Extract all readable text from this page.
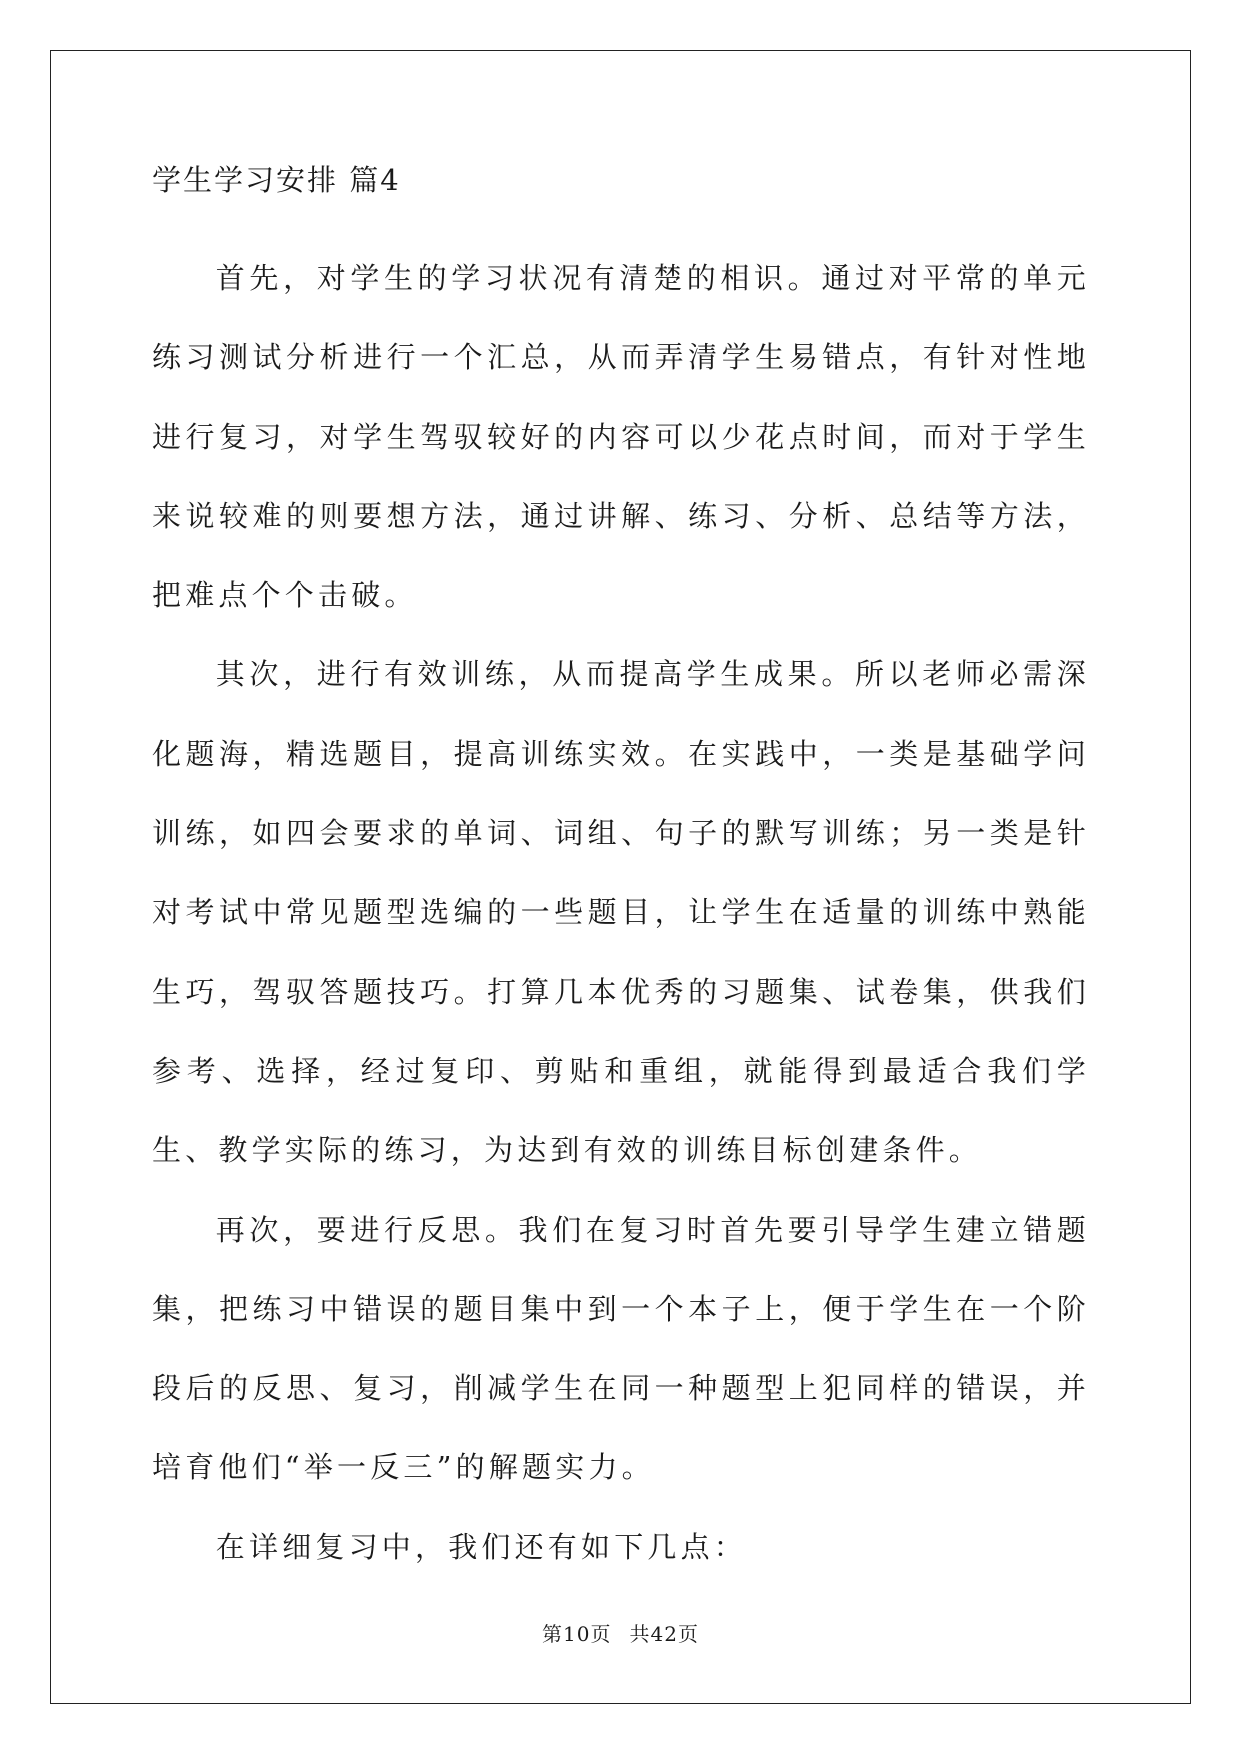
学生学习安排 篇4

首先，对学生的学习状况有清楚的相识。通过对平常的单元练习测试分析进行一个汇总，从而弄清学生易错点，有针对性地进行复习，对学生驾驭较好的内容可以少花点时间，而对于学生来说较难的则要想方法，通过讲解、练习、分析、总结等方法，把难点个个击破。

其次，进行有效训练，从而提高学生成果。所以老师必需深化题海，精选题目，提高训练实效。在实践中，一类是基础学问训练，如四会要求的单词、词组、句子的默写训练；另一类是针对考试中常见题型选编的一些题目，让学生在适量的训练中熟能生巧，驾驭答题技巧。打算几本优秀的习题集、试卷集，供我们参考、选择，经过复印、剪贴和重组，就能得到最适合我们学生、教学实际的练习，为达到有效的训练目标创建条件。

再次，要进行反思。我们在复习时首先要引导学生建立错题集，把练习中错误的题目集中到一个本子上，便于学生在一个阶段后的反思、复习，削减学生在同一种题型上犯同样的错误，并培育他们“举一反三”的解题实力。

在详细复习中，我们还有如下几点：

第10页 共42页
